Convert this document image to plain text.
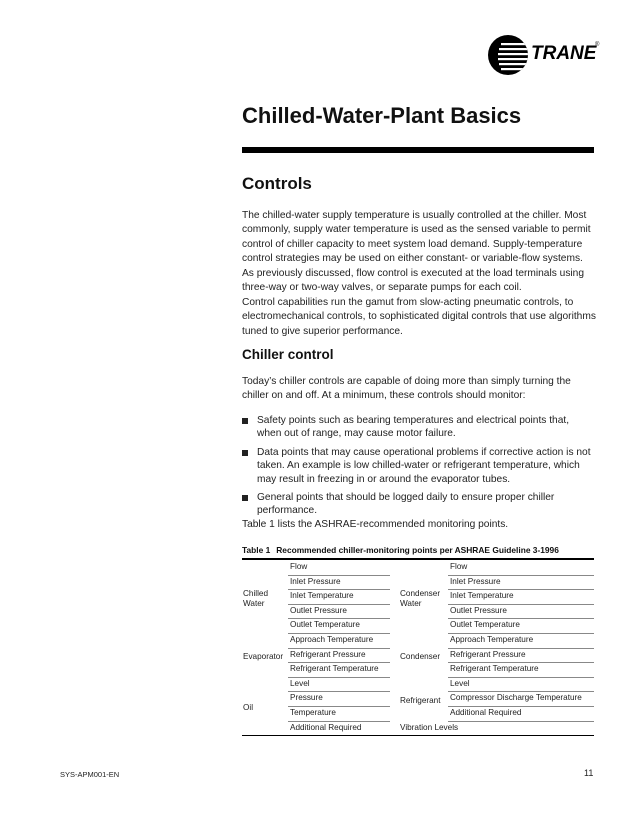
TRANE
®
Chilled-Water-Plant Basics
Controls

The chilled-water supply temperature is usually controlled at the chiller. Most commonly, supply water temperature is used as the sensed variable to permit control of chiller capacity to meet system load demand. Supply-temperature control strategies may be used on either constant- or variable-flow systems. As previously discussed, flow control is executed at the load terminals using three-way or two-way valves, or separate pumps for each coil.

Control capabilities run the gamut from slow-acting pneumatic controls, to electromechanical controls, to sophisticated digital controls that use algorithms tuned to give superior performance.

Chiller control

Today’s chiller controls are capable of doing more than simply turning the chiller on and off. At a minimum, these controls should monitor:

Safety points such as bearing temperatures and electrical points that, when out of range, may cause motor failure.
Data points that may cause operational problems if corrective action is not taken. An example is low chilled-water or refrigerant temperature, which may result in freezing in or around the evaporator tubes.
General points that should be logged daily to ensure proper chiller performance.

Table 1 lists the ASHRAE-recommended monitoring points.

Table 1 Recommended chiller-monitoring points per ASHRAE Guideline 3-1996
Chilled
Water
Flow
Inlet Pressure
Inlet Temperature
Outlet Pressure
Outlet Temperature
Evaporator
Approach Temperature
Refrigerant Pressure
Refrigerant Temperature
Oil
Level
Pressure
Temperature
Additional Required
Condenser
Water
Flow
Inlet Pressure
Inlet Temperature
Outlet Pressure
Outlet Temperature
Condenser
Approach Temperature
Refrigerant Pressure
Refrigerant Temperature
Refrigerant
Level
Compressor Discharge Temperature
Additional Required
Vibration Levels
SYS-APM001-EN	11
